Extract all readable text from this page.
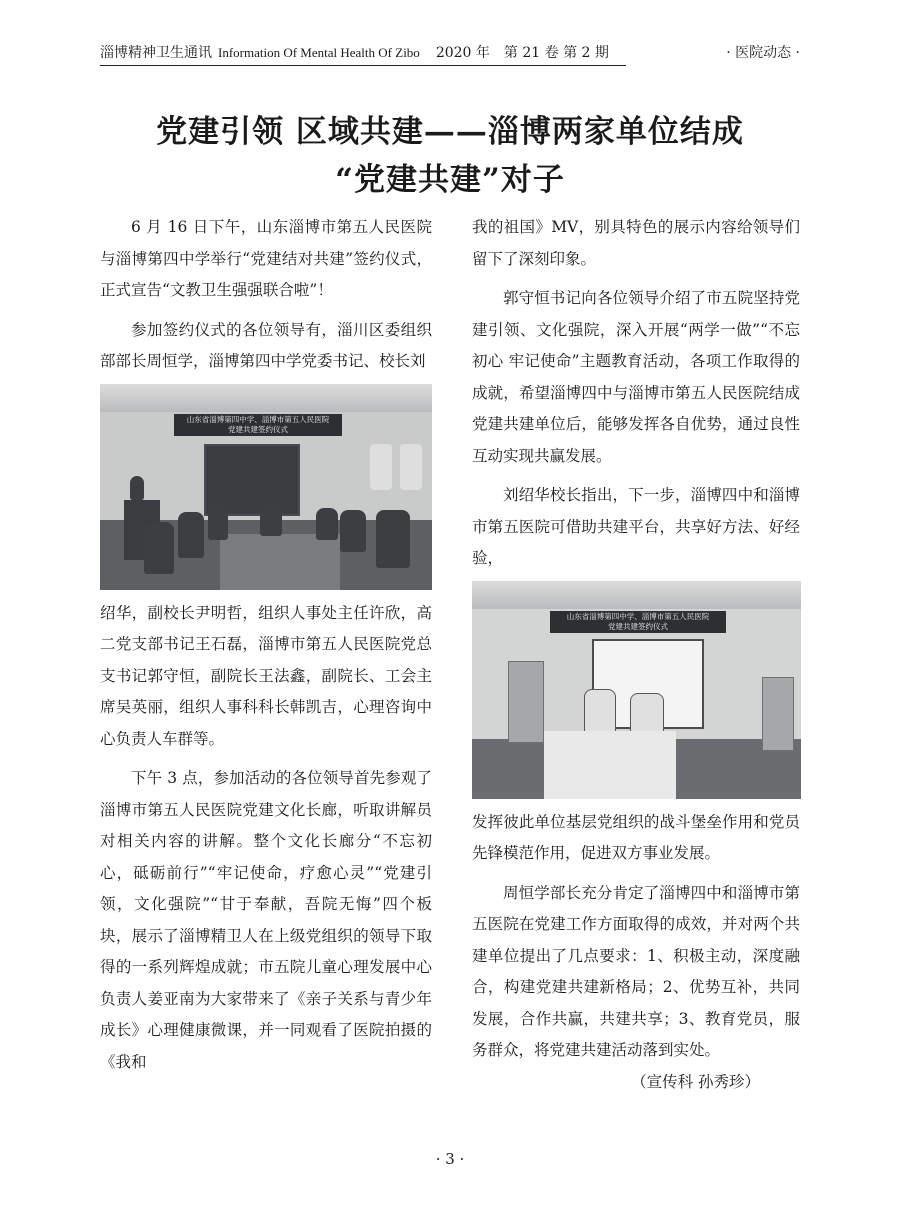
淄博精神卫生通讯 Information Of Mental Health Of Zibo 2020 年 第 21 卷 第 2 期	· 医院动态 ·
党建引领 区域共建——淄博两家单位结成
“党建共建”对子

6 月 16 日下午，山东淄博市第五人民医院与淄博第四中学举行“党建结对共建”签约仪式，正式宣告“文教卫生强强联合啦”！

参加签约仪式的各位领导有，淄川区委组织部部长周恒学，淄博第四中学党委书记、校长刘

山东省淄博第四中学、淄博市第五人民医院
党建共建签约仪式

绍华，副校长尹明哲，组织人事处主任许欣，高二党支部书记王石磊，淄博市第五人民医院党总支书记郭守恒，副院长王法鑫，副院长、工会主席吴英丽，组织人事科科长韩凯吉，心理咨询中心负责人车群等。

下午 3 点，参加活动的各位领导首先参观了淄博市第五人民医院党建文化长廊，听取讲解员对相关内容的讲解。整个文化长廊分“不忘初心，砥砺前行”“牢记使命，疗愈心灵”“党建引领，文化强院”“甘于奉献，吾院无悔”四个板块，展示了淄博精卫人在上级党组织的领导下取得的一系列辉煌成就；市五院儿童心理发展中心负责人姜亚南为大家带来了《亲子关系与青少年成长》心理健康微课，并一同观看了医院拍摄的《我和

我的祖国》MV，别具特色的展示内容给领导们留下了深刻印象。

郭守恒书记向各位领导介绍了市五院坚持党建引领、文化强院，深入开展“两学一做”“不忘初心 牢记使命”主题教育活动，各项工作取得的成就，希望淄博四中与淄博市第五人民医院结成党建共建单位后，能够发挥各自优势，通过良性互动实现共赢发展。

刘绍华校长指出，下一步，淄博四中和淄博市第五医院可借助共建平台，共享好方法、好经验，

山东省淄博第四中学、淄博市第五人民医院
党建共建签约仪式

发挥彼此单位基层党组织的战斗堡垒作用和党员先锋模范作用，促进双方事业发展。

周恒学部长充分肯定了淄博四中和淄博市第五医院在党建工作方面取得的成效，并对两个共建单位提出了几点要求：1、积极主动，深度融合，构建党建共建新格局；2、优势互补，共同发展，合作共赢，共建共享；3、教育党员，服务群众，将党建共建活动落到实处。

（宣传科 孙秀珍）

· 3 ·
